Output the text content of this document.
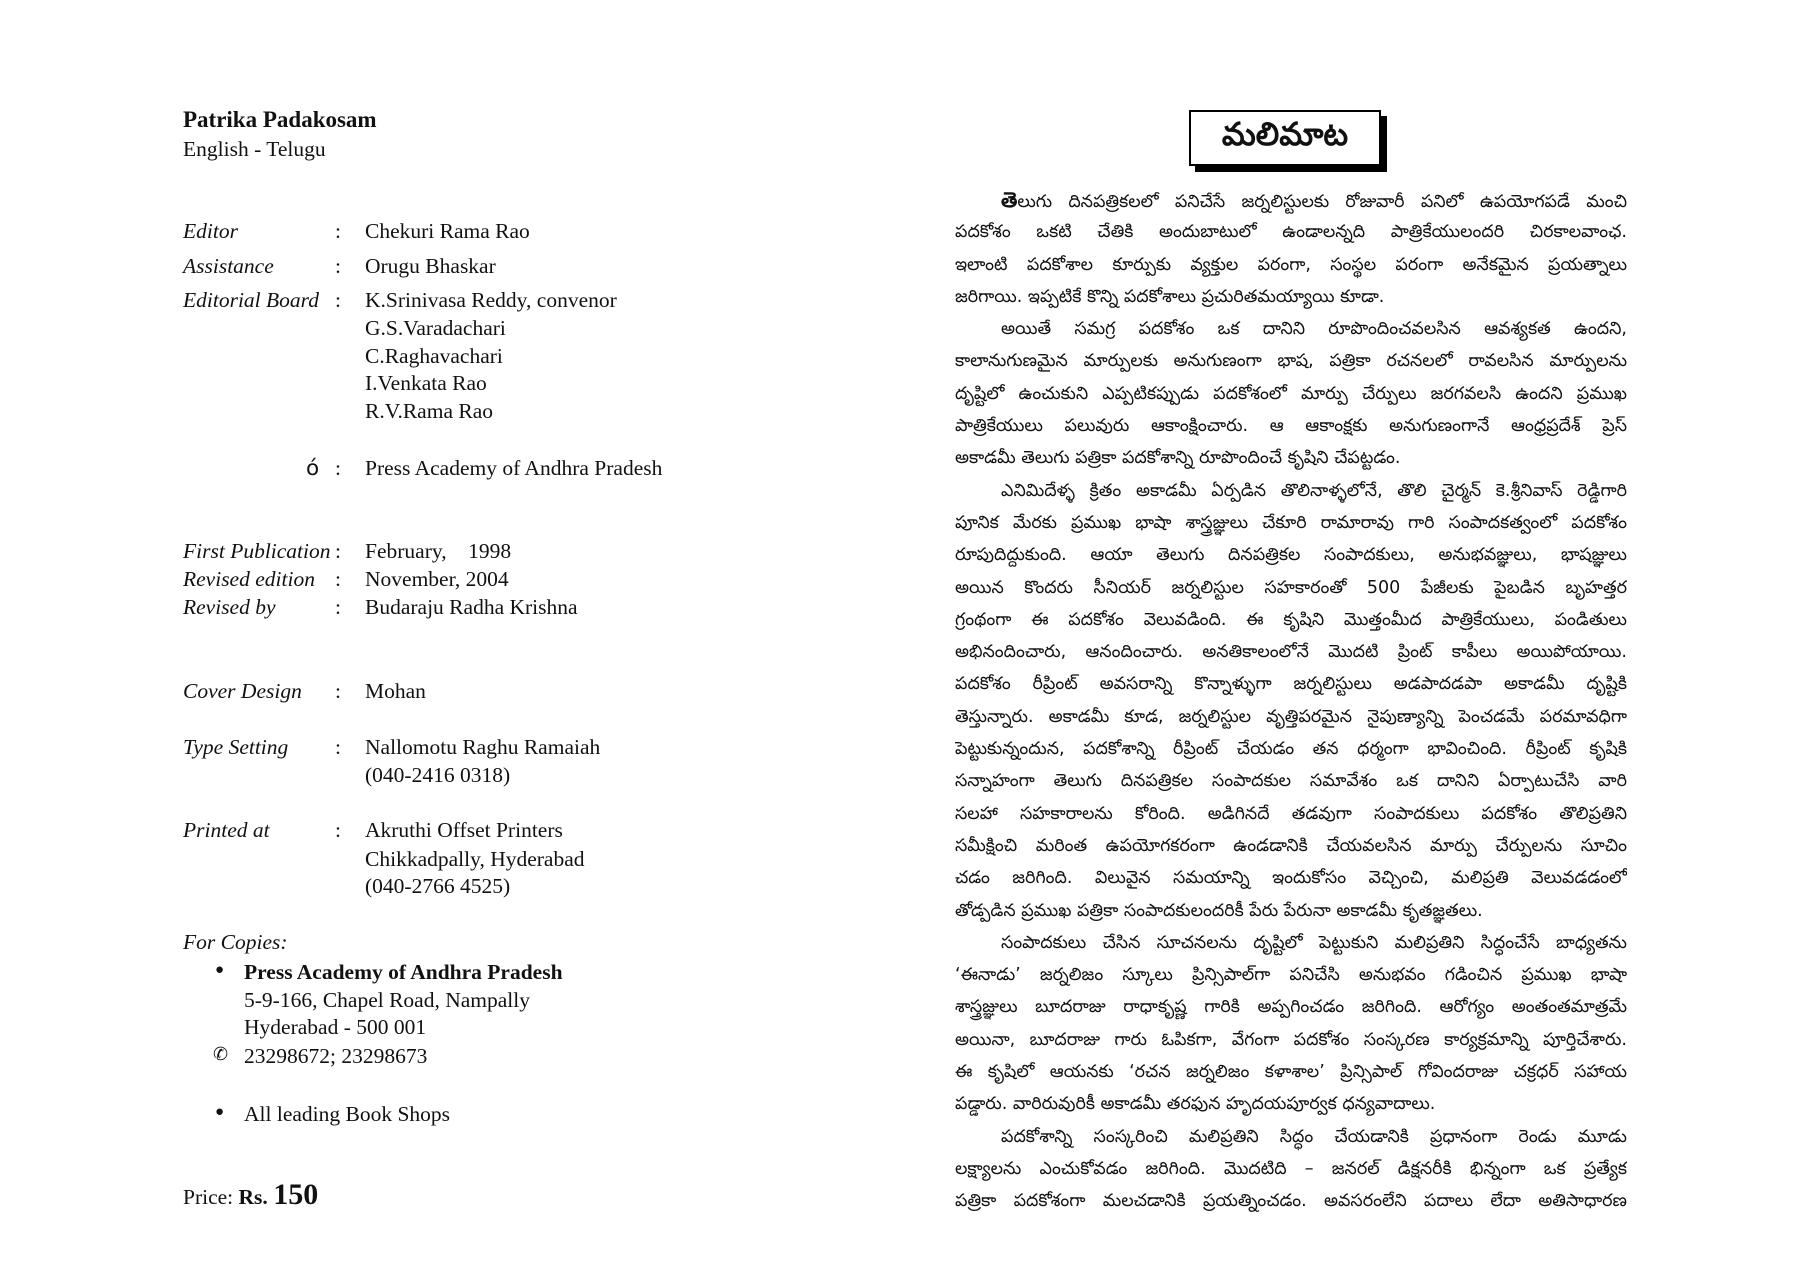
Patrika Padakosam
English - Telugu
Editor	: Chekuri Rama Rao
Assistance	: Orugu Bhaskar
Editorial Board : K.Srinivasa Reddy, convenor
G.S.Varadachari
C.Raghavachari
I.Venkata Rao
R.V.Rama Rao
ó : Press Academy of Andhra Pradesh
First Publication : February,    1998
Revised edition : November, 2004
Revised by	: Budaraju Radha Krishna
Cover Design : Mohan
Type Setting : Nallomotu Raghu Ramaiah
(040-2416 0318)
Printed at	: Akruthi Offset Printers
Chikkadpally, Hyderabad
(040-2766 4525)
For Copies:
● Press Academy of Andhra Pradesh
5-9-166, Chapel Road, Nampally
Hyderabad - 500 001
✆ 23298672; 23298673
● All leading Book Shops
Price: Rs. 150
మలిమాట
తెలుగు దినపత్రికలలో పనిచేసే జర్నలిస్టులకు రోజువారీ పనిలో ఉపయోగపడే మంచి
పదకోశం ఒకటి చేతికి అందుబాటులో ఉండాలన్నది పాత్రికేయులందరి చిరకాలవాంఛ.
ఇలాంటి పదకోశాల కూర్పుకు వ్యక్తుల పరంగా, సంస్థల పరంగా అనేకమైన ప్రయత్నాలు
జరిగాయి. ఇప్పటికే కొన్ని పదకోశాలు ప్రచురితమయ్యాయి కూడా.
అయితే సమగ్ర పదకోశం ఒక దానిని రూపొందించవలసిన ఆవశ్యకత ఉందని,
కాలానుగుణమైన మార్పులకు అనుగుణంగా భాష, పత్రికా రచనలలో రావలసిన మార్పులను
దృష్టిలో ఉంచుకుని ఎప్పటికప్పుడు పదకోశంలో మార్పు చేర్పులు జరగవలసి ఉందని ప్రముఖ
పాత్రికేయులు పలువురు ఆకాంక్షించారు. ఆ ఆకాంక్షకు అనుగుణంగానే ఆంధ్రప్రదేశ్ ప్రెస్
అకాడమీ తెలుగు పత్రికా పదకోశాన్ని రూపొందించే కృషిని చేపట్టడం.
ఎనిమిదేళ్ళ క్రితం అకాడమీ ఏర్పడిన తొలినాళ్ళలోనే, తొలి చైర్మన్ కె.శ్రీనివాస్ రెడ్డిగారి
పూనిక మేరకు ప్రముఖ భాషా శాస్త్రజ్ఞులు చేకూరి రామారావు గారి సంపాదకత్వంలో పదకోశం
రూపుదిద్దుకుంది. ఆయా తెలుగు దినపత్రికల సంపాదకులు, అనుభవజ్ఞులు, భాషజ్ఞులు
అయిన కొందరు సీనియర్ జర్నలిస్టుల సహకారంతో 500 పేజీలకు పైబడిన బృహత్తర
గ్రంథంగా ఈ పదకోశం వెలువడింది. ఈ కృషిని మొత్తంమీద పాత్రికేయులు, పండితులు
అభినందించారు, ఆనందించారు. అనతికాలంలోనే మొదటి ప్రింట్ కాపీలు అయిపోయాయి.
పదకోశం రీప్రింట్ అవసరాన్ని కొన్నాళ్ళుగా జర్నలిస్టులు అడపాదడపా అకాడమీ దృష్టికి
తెస్తున్నారు. అకాడమీ కూడ, జర్నలిస్టుల వృత్తిపరమైన నైపుణ్యాన్ని పెంచడమే పరమావధిగా
పెట్టుకున్నందున, పదకోశాన్ని రీప్రింట్ చేయడం తన ధర్మంగా భావించింది. రీప్రింట్ కృషికి
సన్నాహంగా తెలుగు దినపత్రికల సంపాదకుల సమావేశం ఒక దానిని ఏర్పాటుచేసి వారి
సలహా సహకారాలను కోరింది. అడిగినదే తడవుగా సంపాదకులు పదకోశం తొలిప్రతిని
సమీక్షించి మరింత ఉపయోగకరంగా ఉండడానికి చేయవలసిన మార్పు చేర్పులను సూచిం
చడం జరిగింది. విలువైన సమయాన్ని ఇందుకోసం వెచ్చించి, మలిప్రతి వెలువడడంలో
తోడ్పడిన ప్రముఖ పత్రికా సంపాదకులందరికీ పేరు పేరునా అకాడమీ కృతజ్ఞతలు.
సంపాదకులు చేసిన సూచనలను దృష్టిలో పెట్టుకుని మలిప్రతిని సిద్ధంచేసే బాధ్యతను
‘ఈనాడు’ జర్నలిజం స్కూలు ప్రిన్సిపాల్‌గా పనిచేసి అనుభవం గడించిన ప్రముఖ భాషా
శాస్త్రజ్ఞులు బూదరాజు రాధాకృష్ణ గారికి అప్పగించడం జరిగింది. ఆరోగ్యం అంతంతమాత్రమే
అయినా, బూదరాజు గారు ఓపికగా, వేగంగా పదకోశం సంస్కరణ కార్యక్రమాన్ని పూర్తిచేశారు.
ఈ కృషిలో ఆయనకు ‘రచన జర్నలిజం కళాశాల’ ప్రిన్సిపాల్ గోవిందరాజు చక్రధర్ సహాయ
పడ్డారు. వారిరువురికీ అకాడమీ తరఫున హృదయపూర్వక ధన్యవాదాలు.
పదకోశాన్ని సంస్కరించి మలిప్రతిని సిద్ధం చేయడానికి ప్రధానంగా రెండు మూడు
లక్ష్యాలను ఎంచుకోవడం జరిగింది. మొదటిది – జనరల్ డిక్షనరీకి భిన్నంగా ఒక ప్రత్యేక
పత్రికా పదకోశంగా మలచడానికి ప్రయత్నించడం. అవసరంలేని పదాలు లేదా అతిసాధారణ
